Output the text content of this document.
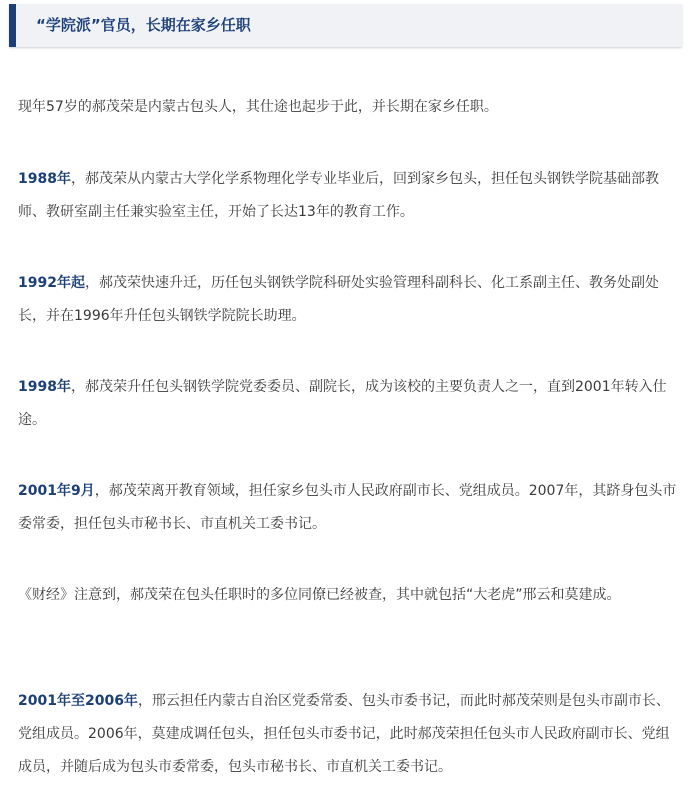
“学院派”官员，长期在家乡任职

现年57岁的郝茂荣是内蒙古包头人，其仕途也起步于此，并长期在家乡任职。

1988年，郝茂荣从内蒙古大学化学系物理化学专业毕业后，回到家乡包头，担任包头钢铁学院基础部教师、教研室副主任兼实验室主任，开始了长达13年的教育工作。

1992年起，郝茂荣快速升迁，历任包头钢铁学院科研处实验管理科副科长、化工系副主任、教务处副处长，并在1996年升任包头钢铁学院院长助理。

1998年，郝茂荣升任包头钢铁学院党委委员、副院长，成为该校的主要负责人之一，直到2001年转入仕途。

2001年9月，郝茂荣离开教育领域，担任家乡包头市人民政府副市长、党组成员。2007年，其跻身包头市委常委，担任包头市秘书长、市直机关工委书记。

《财经》注意到，郝茂荣在包头任职时的多位同僚已经被查，其中就包括“大老虎”邢云和莫建成。

2001年至2006年，邢云担任内蒙古自治区党委常委、包头市委书记，而此时郝茂荣则是包头市副市长、党组成员。2006年，莫建成调任包头，担任包头市委书记，此时郝茂荣担任包头市人民政府副市长、党组成员，并随后成为包头市委常委，包头市秘书长、市直机关工委书记。
